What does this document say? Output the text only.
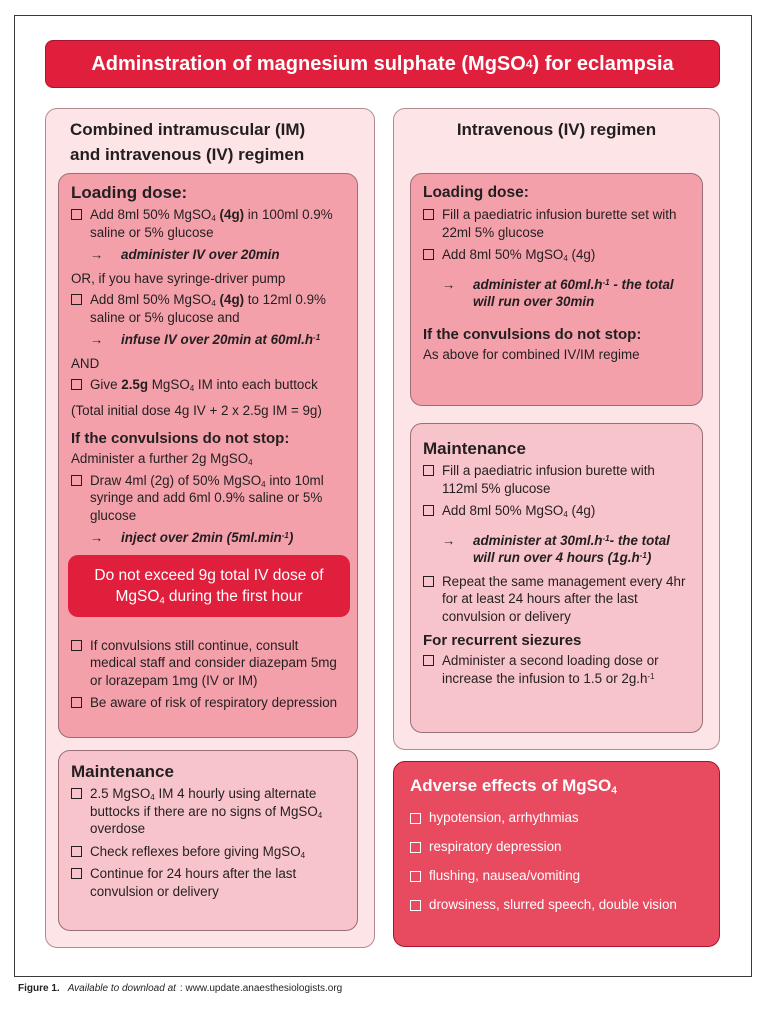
Adminstration of magnesium sulphate (MgSO 4 ) for eclampsia
Combined intramuscular (IM)
and intravenous (IV) regimen
Loading dose:
Add 8ml 50% MgSO$_4$ (4g) in 100ml 0.9% saline or 5% glucose
→ administer IV over 20min
OR, if you have syringe-driver pump
Add 8ml 50% MgSO$_4$ (4g) to 12ml 0.9% saline or 5% glucose and
→ infuse IV over 20min at $60ml.h^{-1}$
AND
Give 2.5g MgSO$_4$ IM into each buttock
(Total initial dose 4g IV + 2 x 2.5g IM = 9g)
If the convulsions do not stop:
Administer a further 2g MgSO$_4$
Draw 4ml (2g) of 50% MgSO$_4$ into 10ml syringe and add 6ml 0.9% saline or 5% glucose
→ inject over 2min $(5ml.\min^{-1})$
If convulsions still continue, consult medical staff and consider diazepam 5mg or lorazepam 1mg (IV or IM)
Be aware of risk of respiratory depression
Do not exceed 9g total IV dose of MgSO$_4$ during the first hour
Maintenance
2.5 MgSO$_4$ IM 4 hourly using alternate buttocks if there are no signs of MgSO$_4$ overdose
Check reflexes before giving MgSO$_4$
Continue for 24 hours after the last convulsion or delivery
Intravenous (IV) regimen
Loading dose:
Fill a paediatric infusion burette set with 22ml 5% glucose
Add 8ml 50% MgSO$_4$ (4g)
→ administer at $60ml.h^{-1}$ - the total will run over 30min
If the convulsions do not stop:
As above for combined IV/IM regime
Maintenance
Fill a paediatric infusion burette with 112ml 5% glucose
Add 8ml 50% MgSO$_4$ (4g)
→ administer at $30ml.h^{-1}-$ the total will run over 4 hours $(1g.h^{-1})$
Repeat the same management every 4hr for at least 24 hours after the last convulsion or delivery
For recurrent siezures
Administer a second loading dose or increase the infusion to 1.5 or $2g.h^{-1}$
Adverse effects of MgSO$_4$
hypotension, arrhythmias
respiratory depression
flushing, nausea/vomiting
drowsiness, slurred speech, double vision
Figure 1. Available to download at : www.update.anaesthesiologists.org
